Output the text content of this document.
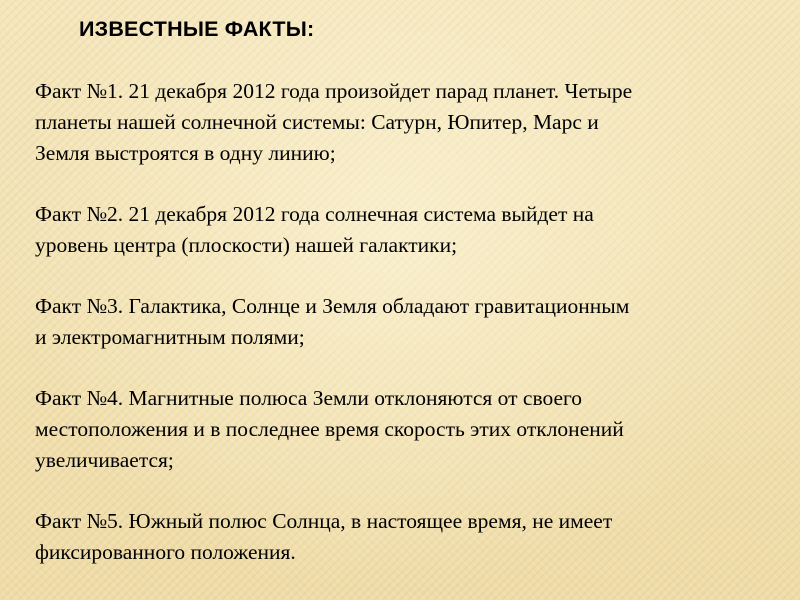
ИЗВЕСТНЫЕ ФАКТЫ:

Факт №1. 21 декабря 2012 года произойдет парад планет. Четыре

планеты нашей солнечной системы: Сатурн, Юпитер, Марс и

Земля выстроятся в одну линию;

Факт №2. 21 декабря 2012 года солнечная система выйдет на

уровень центра (плоскости) нашей галактики;

Факт №3. Галактика, Солнце и Земля обладают гравитационным

и электромагнитным полями;

Факт №4. Магнитные полюса Земли отклоняются от своего

местоположения и в последнее время скорость этих отклонений

увеличивается;

Факт №5. Южный полюс Солнца, в настоящее время, не имеет

фиксированного положения.
